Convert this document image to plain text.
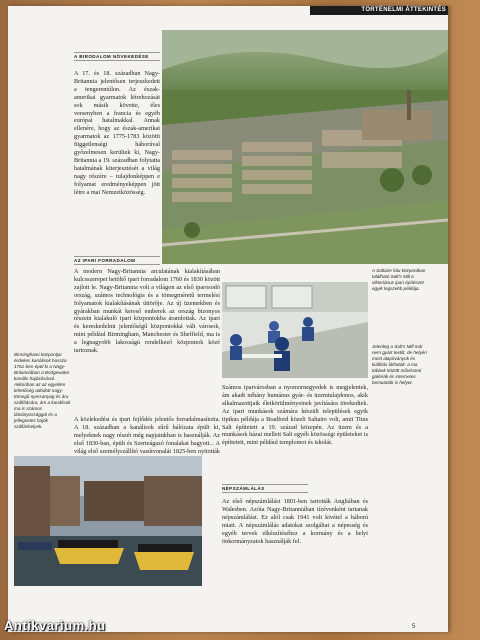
TÖRTÉNELMI ÁTTEKINTÉS
A BIRODALOM NÖVEKEDÉSE
A 17. és 18. században Nagy-Britannia jelentősen terjeszkedett a tengerentúlon. Az észak-amerikai gyarmatok létrehozását sok másik követte, éles versenyben a francia és egyéb európai hatalmakkal. Annak ellenére, hogy az észak-amerikai gyarmatok az 1775-1783 közötti függetlenségi háborúval győzelmesen kerültek ki, Nagy-Britannia a 19. században folytatta hatalmának kiterjesztését a világ nagy részére – tulajdonképpen e folyamat eredményeképpen jött létre a mai Nemzetközösség.
AZ IPARI FORRADALOM
A modern Nagy-Britannia arculatának kialakításában kulcsszerepet betöltő ipari forradalom 1760 és 1830 között zajlott le. Nagy-Britannia volt a világon az első iparosodó ország, számos technológia és a tömegméretű termelési folyamatok kialakításának úttörője. Az új üzemekben és gyárakban munkát kereső emberek az ország bizonyos részein kialakuló ipari központokba áramlottak. Az ipari és kereskedelmi jelentőségű központokká vált városok, mint például Birmingham, Manchester és Sheffield, ma is a legnagyobb lakosságú rendelkező központok közé tartoznak.
A közlekedési és ipari fejlődés jelentős forradalmasította. A 18. században a kanálisok sűrű hálózata épült ki, melyeknek nagy részét még napjainkban is használják. Az első 1830-ban, épült és Szerteágazó fonalakat hagyott... A világ első személyszállító vasútvonalát 1825-ben nyitották
Birminghami központjai érdekes kanálisok hossza 1761-ben épül ki a Nagy-Britanniában a Bridgewater kanális hajózásával. Akkoriban az az egyetlen lehetőség adódott nagy-tömegű nyersanyag és áru szállítására, ám a kanálisok ma is számos látványossággal és a jellegzetes hajók szálláshelyek.
A Saltaire falu központban található Salt's Mill a viktoriánus ipari építészet egyik legszebb példája.
Jelenleg a Salt's Mill már nem gyárt textilt, de helyén most alapítványok és kiállítás láthatók: a ma többek között művészeti galériák és internetes bemutatók is helyet.
Számos iparvárosban a nyomornegyedek is megjelentek, ám akadt néhány humánus gyár- és üzemtulajdonos, akik alkalmazottjaik életkörülményeinek javítására törekedtek. Az ipari munkások számára készült települések egyik tipikus példája a Bradford közeli Saltaire volt, amit Titus Salt építtetett a 19. század közepén. Az üzem és a munkások házai mellett Salt egyéb közösségi épületeket is építtetett, mint például templomot és iskolát.
NÉPSZÁMLÁLÁS
Az első népszámlálást 1801-ben tartották Angliában és Walesben. Azóta Nagy-Britanniában tízévenként tartanak népszámlálást. Ez alól csak 1941 volt kivétel a háború miatt. A népszámlálás adatokat szolgáltat a népesség és egyéb tervek elkészítéséhez a kormány és a helyi önkormányzatok használják fel.
5
Antikvarium.hu
